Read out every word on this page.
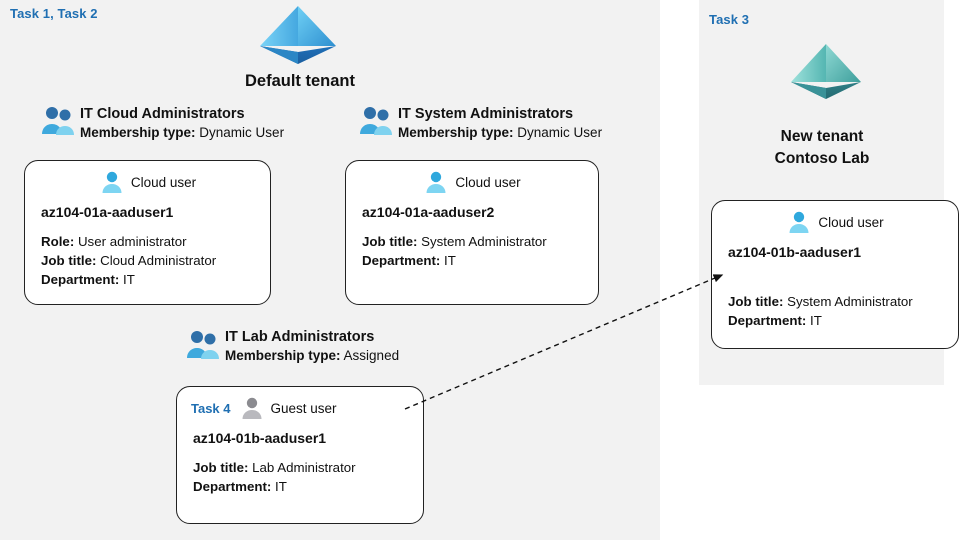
Task 1, Task 2	Task 3
Default tenant
New tenant
Contoso Lab
IT Cloud Administrators
Membership type: Dynamic User
IT System Administrators
Membership type: Dynamic User
IT Lab Administrators
Membership type: Assigned
Cloud user
az104-01a-aaduser1
Role: User administrator
Job title: Cloud Administrator
Department: IT
Cloud user
az104-01a-aaduser2
Job title: System Administrator
Department: IT
Task 4	Guest user
az104-01b-aaduser1
Job title: Lab Administrator
Department: IT
Cloud user
az104-01b-aaduser1
Job title: System Administrator
Department: IT
